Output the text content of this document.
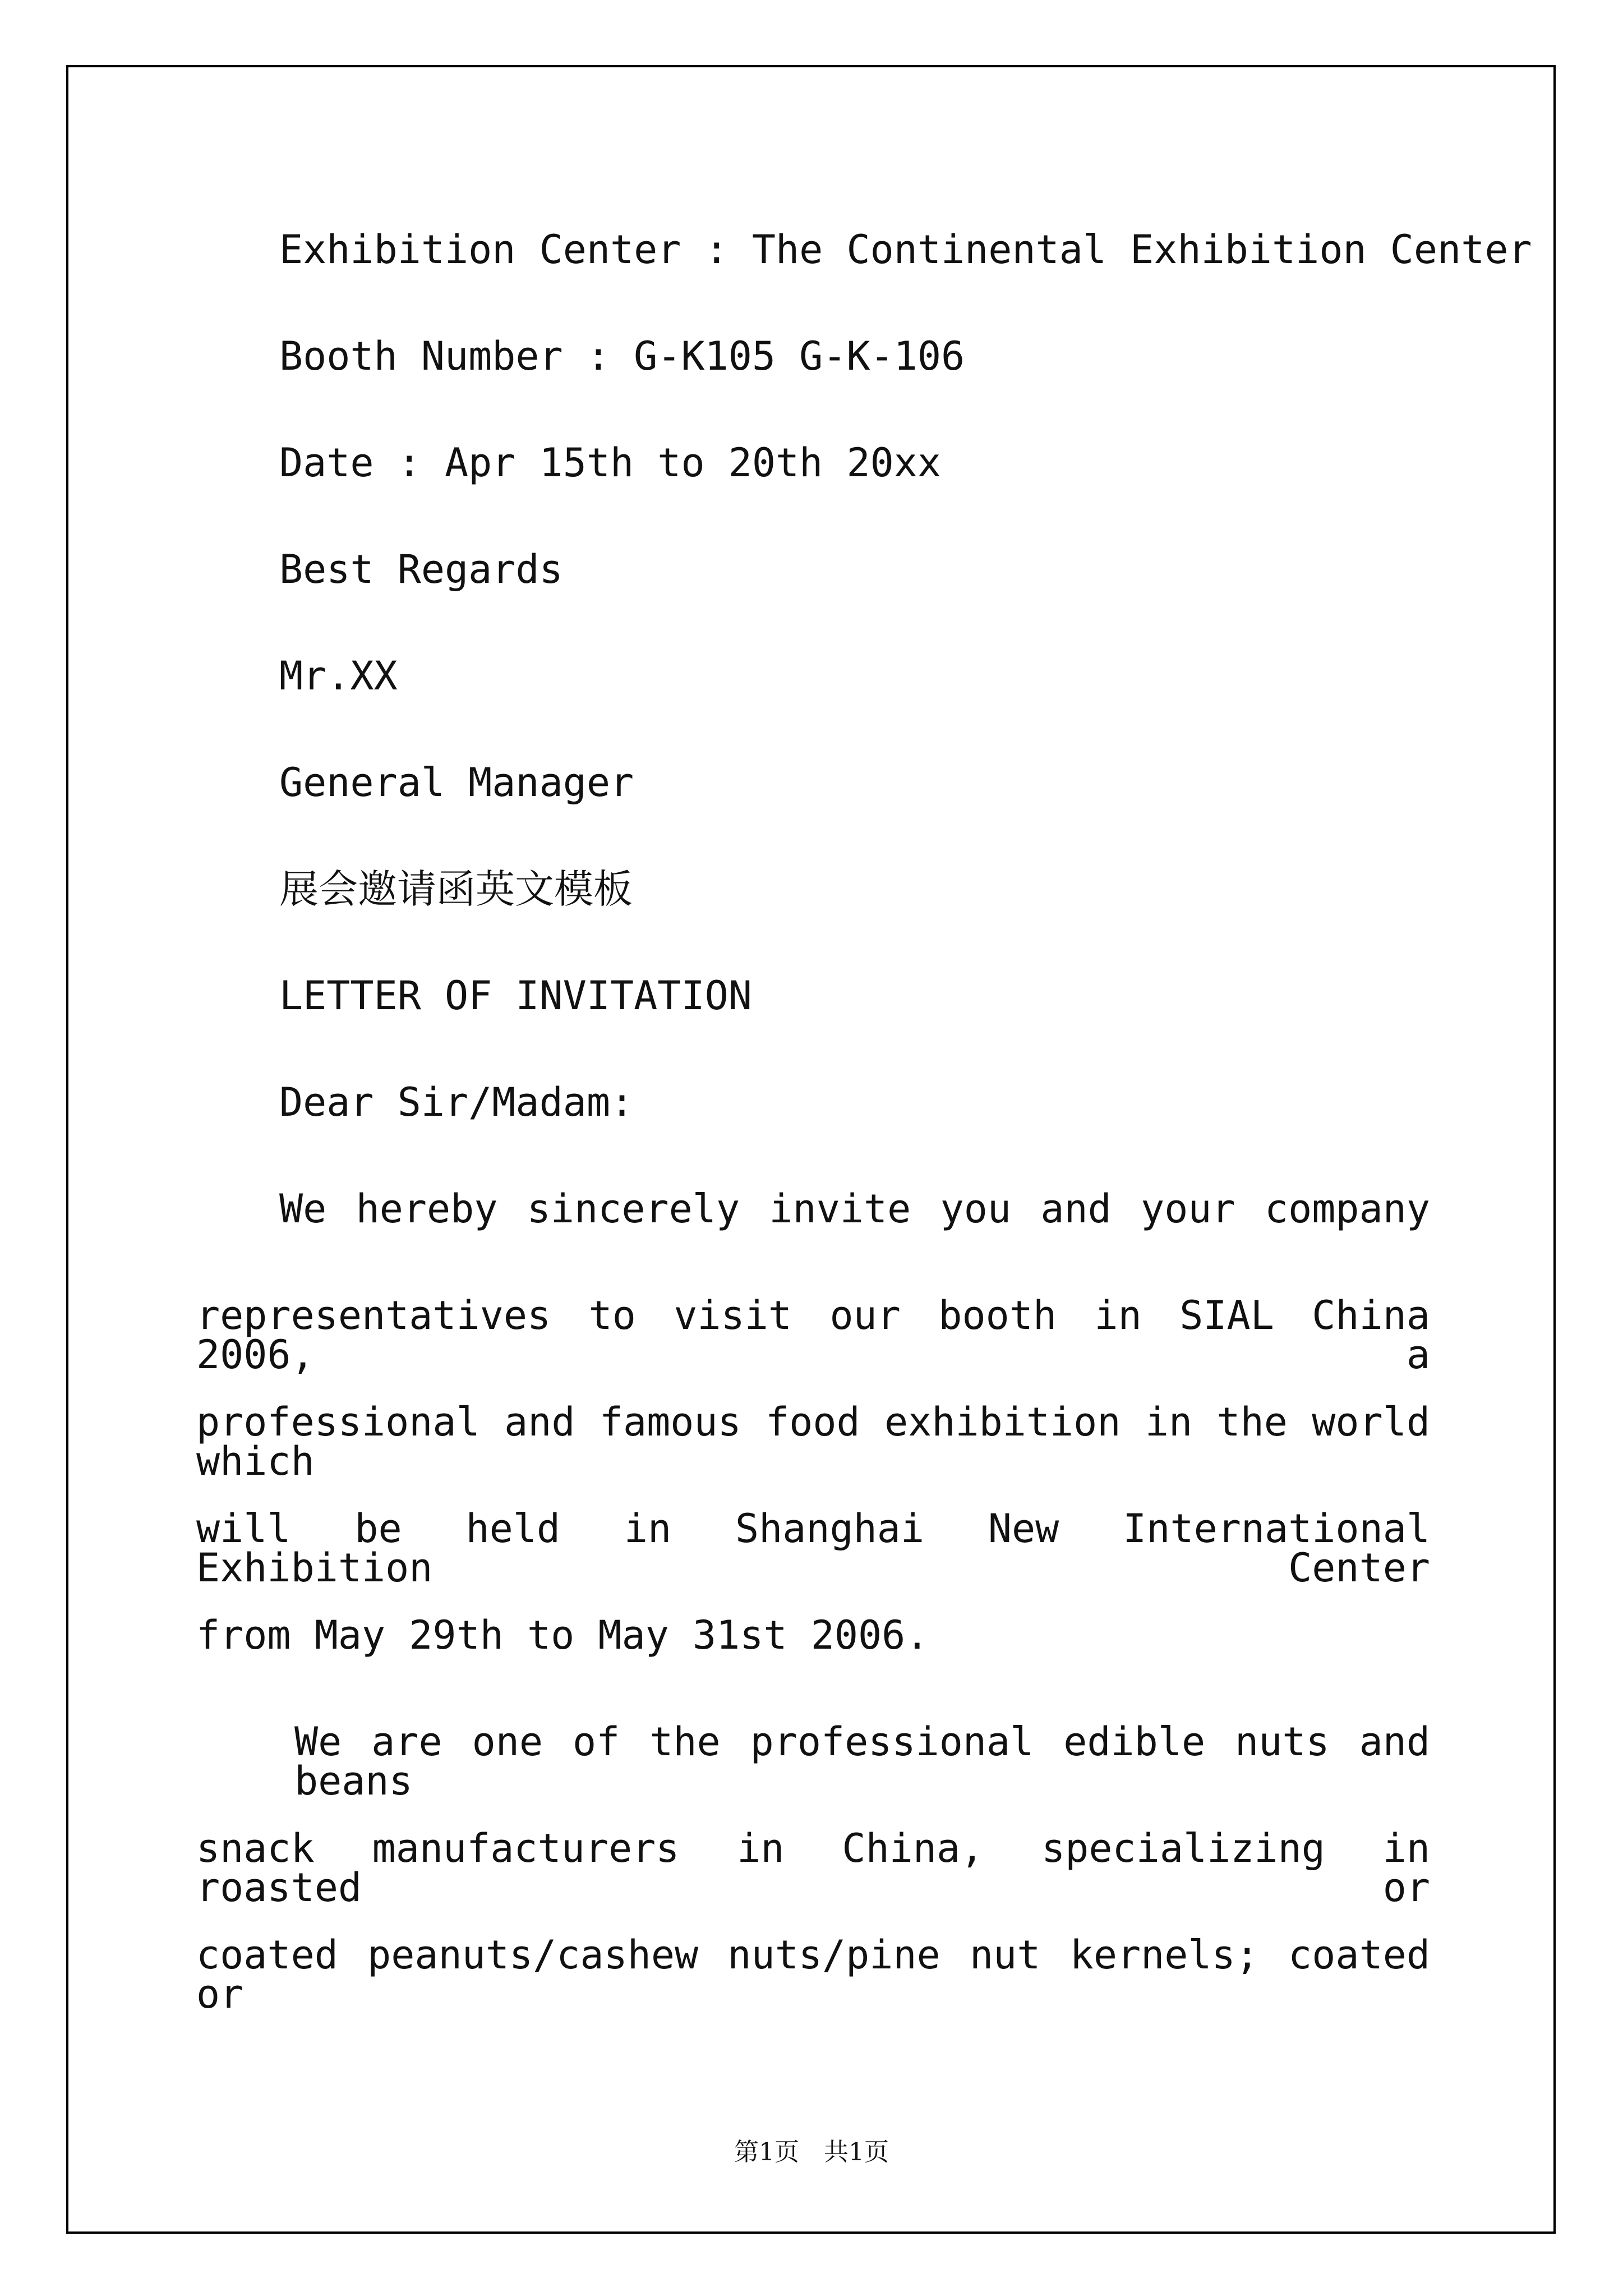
Exhibition Center : The Continental Exhibition Center
Booth Number : G-K105 G-K-106
Date : Apr 15th to 20th 20xx
Best Regards
Mr.XX
General Manager
展会邀请函英文模板
LETTER OF INVITATION
Dear Sir/Madam:
We hereby sincerely invite you and your company
representatives to visit our booth in SIAL China 2006, a
professional and famous food exhibition in the world which
will be held in Shanghai New International Exhibition Center
from May 29th to May 31st 2006.
We are one of the professional edible nuts and beans
snack manufacturers in China, specializing in roasted or
coated peanuts/cashew nuts/pine nut kernels; coated or
第1页　共1页
